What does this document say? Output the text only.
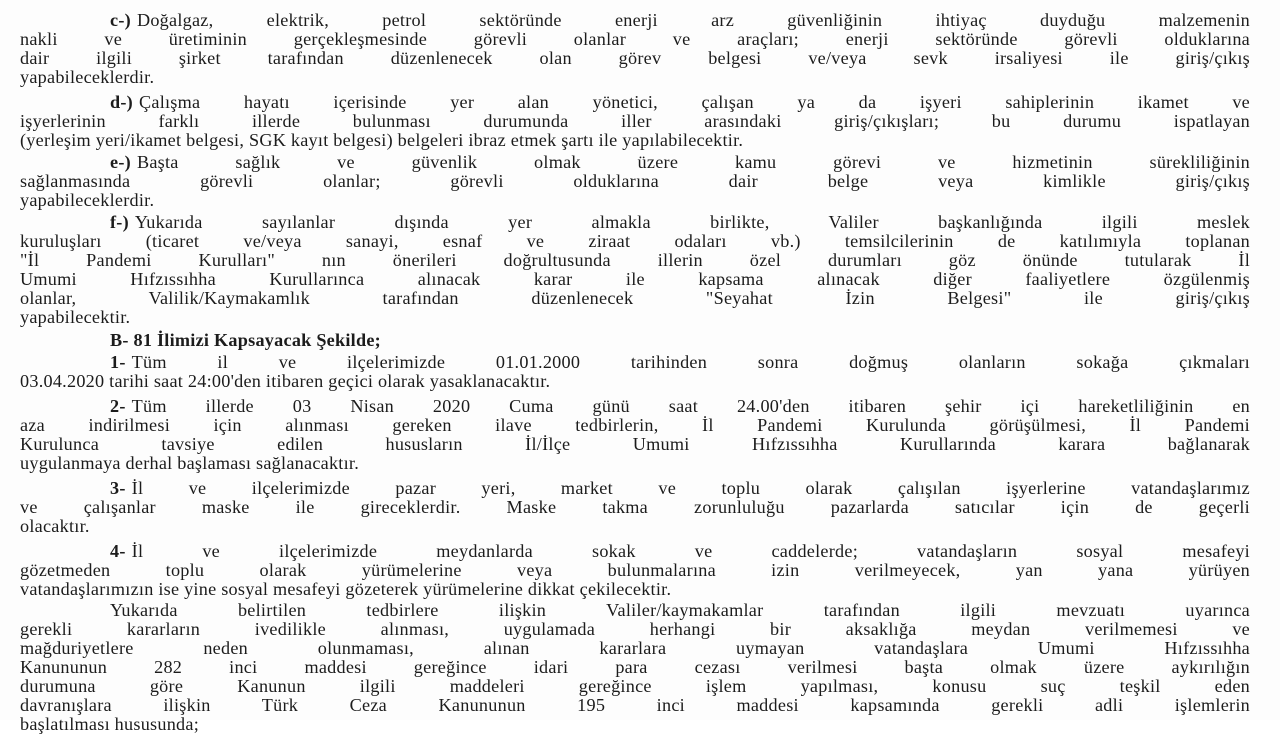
c-) Doğalgaz, elektrik, petrol sektöründe enerji arz güvenliğinin ihtiyaç duyduğu malzemenin
nakli ve üretiminin gerçekleşmesinde görevli olanlar ve araçları; enerji sektöründe görevli olduklarına
dair ilgili şirket tarafından düzenlenecek olan görev belgesi ve/veya sevk irsaliyesi ile giriş/çıkış
yapabileceklerdir.
d-) Çalışma hayatı içerisinde yer alan yönetici, çalışan ya da işyeri sahiplerinin ikamet ve
işyerlerinin farklı illerde bulunması durumunda iller arasındaki giriş/çıkışları; bu durumu ispatlayan
(yerleşim yeri/ikamet belgesi, SGK kayıt belgesi) belgeleri ibraz etmek şartı ile yapılabilecektir.
e-) Başta sağlık ve güvenlik olmak üzere kamu görevi ve hizmetinin sürekliliğinin
sağlanmasında görevli olanlar; görevli olduklarına dair belge veya kimlikle giriş/çıkış
yapabileceklerdir.
f-) Yukarıda sayılanlar dışında yer almakla birlikte, Valiler başkanlığında ilgili meslek
kuruluşları (ticaret ve/veya sanayi, esnaf ve ziraat odaları vb.) temsilcilerinin de katılımıyla toplanan
"İl Pandemi Kurulları" nın önerileri doğrultusunda illerin özel durumları göz önünde tutularak İl
Umumi Hıfzıssıhha Kurullarınca alınacak karar ile kapsama alınacak diğer faaliyetlere özgülenmiş
olanlar, Valilik/Kaymakamlık tarafından düzenlenecek "Seyahat İzin Belgesi" ile giriş/çıkış
yapabilecektir.
B- 81 İlimizi Kapsayacak Şekilde;
1- Tüm il ve ilçelerimizde 01.01.2000 tarihinden sonra doğmuş olanların sokağa çıkmaları
03.04.2020 tarihi saat 24:00'den itibaren geçici olarak yasaklanacaktır.
2- Tüm illerde 03 Nisan 2020 Cuma günü saat 24.00'den itibaren şehir içi hareketliliğinin en
aza indirilmesi için alınması gereken ilave tedbirlerin, İl Pandemi Kurulunda görüşülmesi, İl Pandemi
Kurulunca tavsiye edilen hususların İl/İlçe Umumi Hıfzıssıhha Kurullarında karara bağlanarak
uygulanmaya derhal başlaması sağlanacaktır.
3- İl ve ilçelerimizde pazar yeri, market ve toplu olarak çalışılan işyerlerine vatandaşlarımız
ve çalışanlar maske ile gireceklerdir. Maske takma zorunluluğu pazarlarda satıcılar için de geçerli
olacaktır.
4- İl ve ilçelerimizde meydanlarda sokak ve caddelerde; vatandaşların sosyal mesafeyi
gözetmeden toplu olarak yürümelerine veya bulunmalarına izin verilmeyecek, yan yana yürüyen
vatandaşlarımızın ise yine sosyal mesafeyi gözeterek yürümelerine dikkat çekilecektir.
Yukarıda belirtilen tedbirlere ilişkin Valiler/kaymakamlar tarafından ilgili mevzuatı uyarınca
gerekli kararların ivedilikle alınması, uygulamada herhangi bir aksaklığa meydan verilmemesi ve
mağduriyetlere neden olunmaması, alınan kararlara uymayan vatandaşlara Umumi Hıfzıssıhha
Kanununun 282 inci maddesi gereğince idari para cezası verilmesi başta olmak üzere aykırılığın
durumuna göre Kanunun ilgili maddeleri gereğince işlem yapılması, konusu suç teşkil eden
davranışlara ilişkin Türk Ceza Kanununun 195 inci maddesi kapsamında gerekli adli işlemlerin
başlatılması hususunda;
